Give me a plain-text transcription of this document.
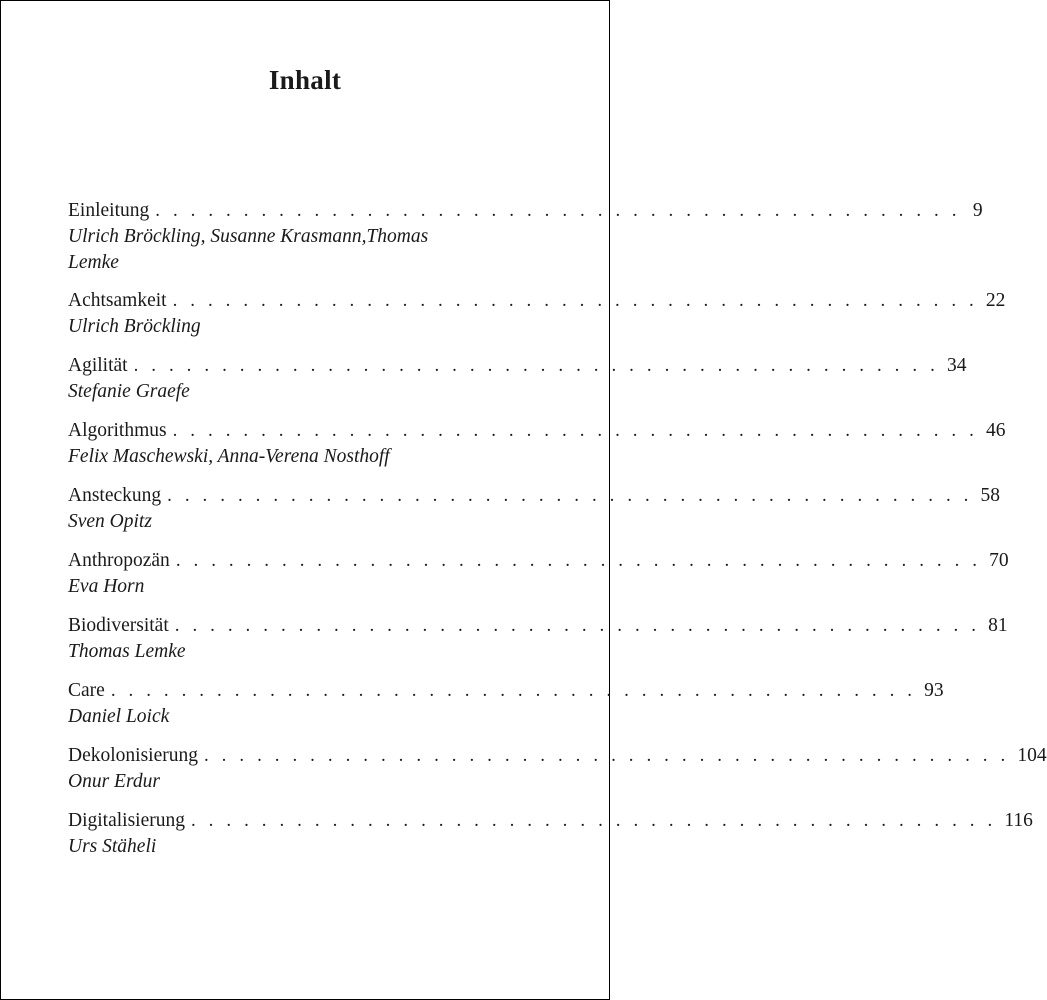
Inhalt
Einleitung . . . . . . . . . . . . . . . . . . . . . . . . . . . . . . . . . . . . . . . . . . . . . . 9
Ulrich Bröckling, Susanne Krasmann,Thomas Lemke
Achtsamkeit . . . . . . . . . . . . . . . . . . . . . . . . . . . . . . . . . . . . . . . . . . . . . . 22
Ulrich Bröckling
Agilität . . . . . . . . . . . . . . . . . . . . . . . . . . . . . . . . . . . . . . . . . . . . . . 34
Stefanie Graefe
Algorithmus . . . . . . . . . . . . . . . . . . . . . . . . . . . . . . . . . . . . . . . . . . . . . . 46
Felix Maschewski, Anna-Verena Nosthoff
Ansteckung . . . . . . . . . . . . . . . . . . . . . . . . . . . . . . . . . . . . . . . . . . . . . . 58
Sven Opitz
Anthropozän . . . . . . . . . . . . . . . . . . . . . . . . . . . . . . . . . . . . . . . . . . . . . . 70
Eva Horn
Biodiversität . . . . . . . . . . . . . . . . . . . . . . . . . . . . . . . . . . . . . . . . . . . . . . 81
Thomas Lemke
Care . . . . . . . . . . . . . . . . . . . . . . . . . . . . . . . . . . . . . . . . . . . . . . 93
Daniel Loick
Dekolonisierung . . . . . . . . . . . . . . . . . . . . . . . . . . . . . . . . . . . . . . . . . . . . . . 104
Onur Erdur
Digitalisierung . . . . . . . . . . . . . . . . . . . . . . . . . . . . . . . . . . . . . . . . . . . . . . 116
Urs Stäheli
